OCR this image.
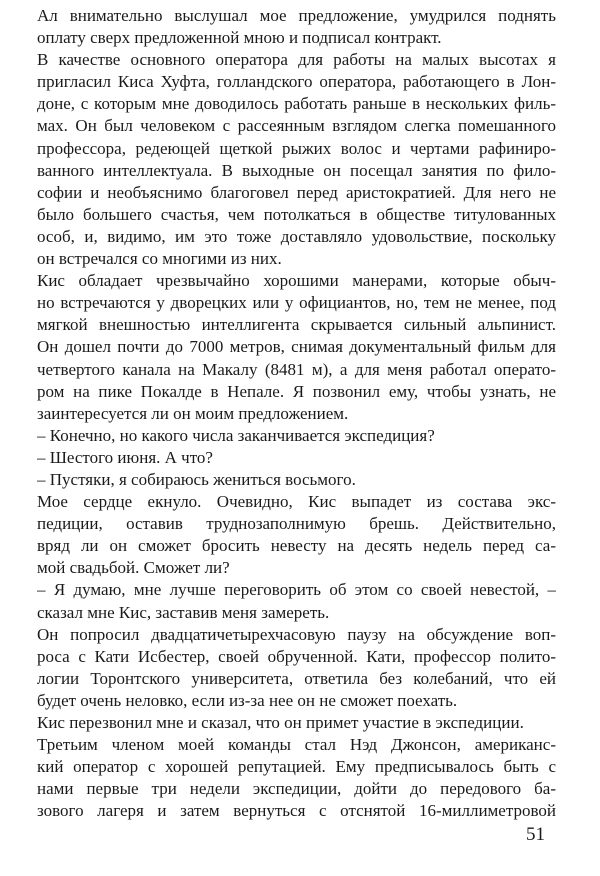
Ал внимательно выслушал мое предложение, умудрился поднять
оплату сверх предложенной мною и подписал контракт.
В качестве основного оператора для работы на малых высотах я
пригласил Киса Хуфта, голландского оператора, работающего в Лон-
доне, с которым мне доводилось работать раньше в нескольких филь-
мах. Он был человеком с рассеянным взглядом слегка помешанного
профессора, редеющей щеткой рыжих волос и чертами рафиниро-
ванного интеллектуала. В выходные он посещал занятия по фило-
софии и необъяснимо благоговел перед аристократией. Для него не
было большего счастья, чем потолкаться в обществе титулованных
особ, и, видимо, им это тоже доставляло удовольствие, поскольку
он встречался со многими из них.
Кис обладает чрезвычайно хорошими манерами, которые обыч-
но встречаются у дворецких или у официантов, но, тем не менее, под
мягкой внешностью интеллигента скрывается сильный альпинист.
Он дошел почти до 7000 метров, снимая документальный фильм для
четвертого канала на Макалу (8481 м), а для меня работал операто-
ром на пике Покалде в Непале. Я позвонил ему, чтобы узнать, не
заинтересуется ли он моим предложением.
– Конечно, но какого числа заканчивается экспедиция?
– Шестого июня. А что?
– Пустяки, я собираюсь жениться восьмого.
Мое сердце екнуло. Очевидно, Кис выпадет из состава экс-
педиции, оставив труднозаполнимую брешь. Действительно,
вряд ли он сможет бросить невесту на десять недель перед са-
мой свадьбой. Сможет ли?
– Я думаю, мне лучше переговорить об этом со своей невестой, –
сказал мне Кис, заставив меня замереть.
Он попросил двадцатичетырехчасовую паузу на обсуждение воп-
роса с Кати Исбестер, своей обрученной. Кати, профессор полито-
логии Торонтского университета, ответила без колебаний, что ей
будет очень неловко, если из-за нее он не сможет поехать.
Кис перезвонил мне и сказал, что он примет участие в экспедиции.
Третьим членом моей команды стал Нэд Джонсон, американс-
кий оператор с хорошей репутацией. Ему предписывалось быть с
нами первые три недели экспедиции, дойти до передового ба-
зового лагеря и затем вернуться с отснятой 16-миллиметровой
51
